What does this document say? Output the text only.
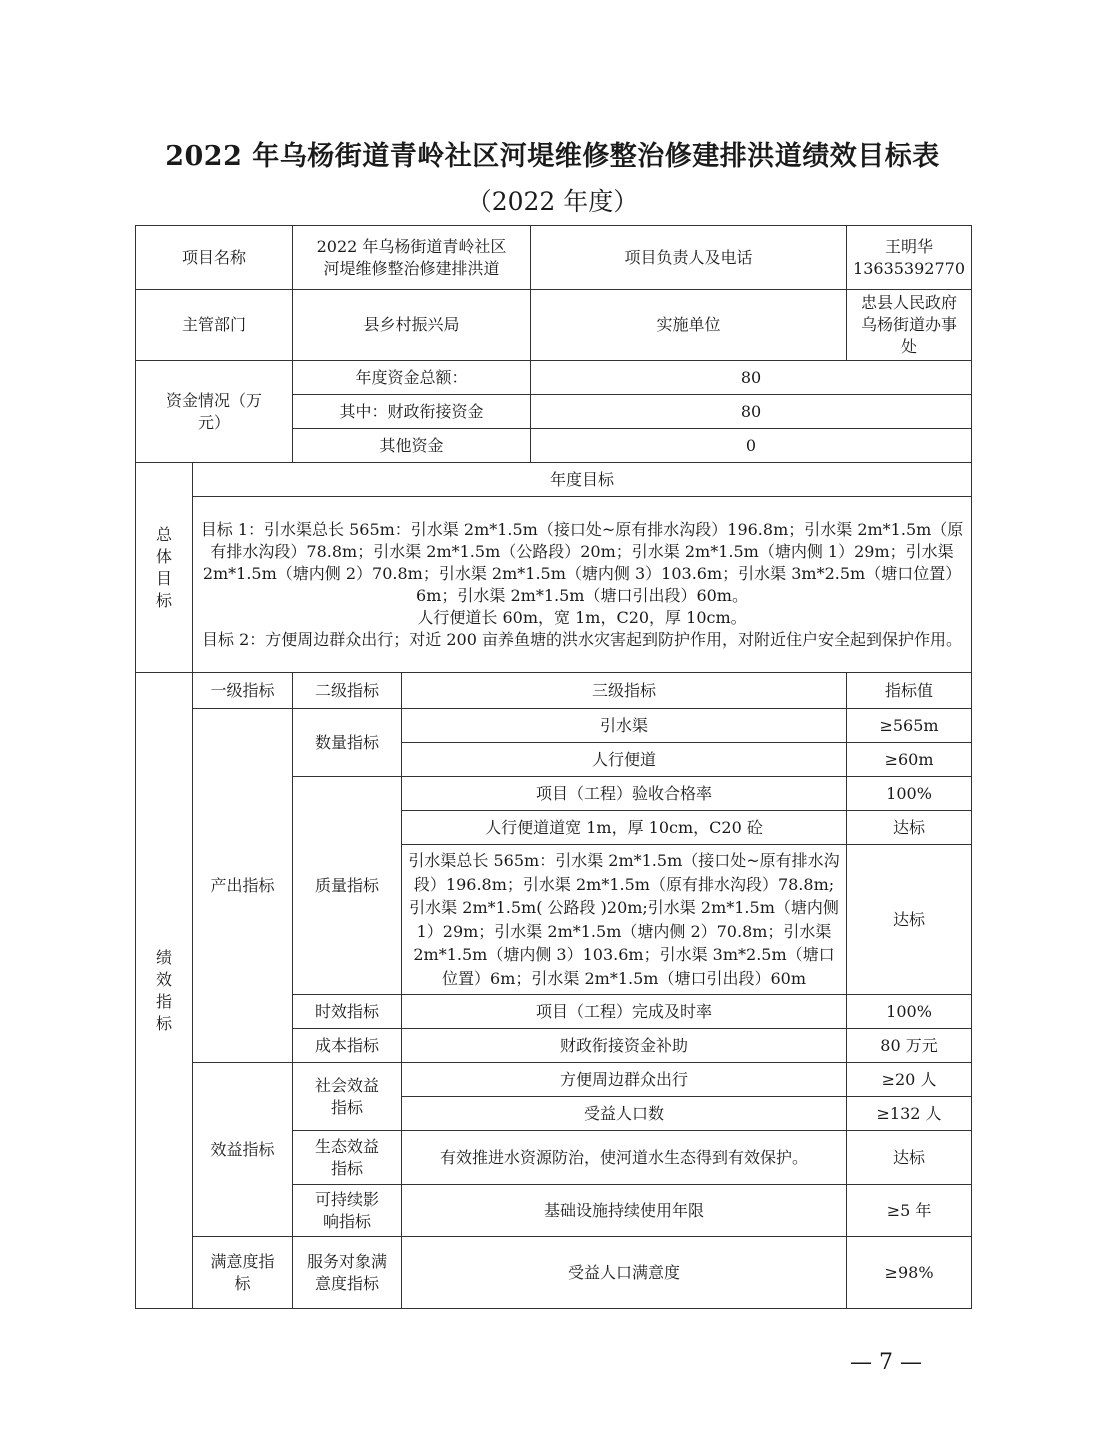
2022 年乌杨街道青岭社区河堤维修整治修建排洪道绩效目标表
（2022 年度）
项目名称		2022 年乌杨街道青岭社区河堤维修整治修建排洪道		项目负责人及电话	王明华 13635392770
主管部门		县乡村振兴局		实施单位	忠县人民政府乌杨街道办事处
资金情况（万元）		年度资金总额：		80	
		其中：财政衔接资金		80	
		其他资金		0	
总体目标	年度目标				

	目标 1：引水渠总长 565m：引水渠 2m*1.5m（接口处~原有排水沟段）196.8m；引水渠 2m*1.5m（原有排水沟段）78.8m；引水渠 2m*1.5m（公路段）20m；引水渠 2m*1.5m（塘内侧 1）29m；引水渠 2m*1.5m（塘内侧 2）70.8m；引水渠 2m*1.5m（塘内侧 3）103.6m；引水渠 3m*2.5m（塘口位置）6m；引水渠 2m*1.5m（塘口引出段）60m。
人行便道长 60m，宽 1m，C20，厚 10cm。
目标 2：方便周边群众出行；对近 200 亩养鱼塘的洪水灾害起到防护作用，对附近住户安全起到保护作用。				

绩效指标	一级指标	二级指标	三级指标		指标值
	产出指标	数量指标	引水渠		≥565m
			人行便道		≥60m
		质量指标	项目（工程）验收合格率		100%
			人行便道道宽 1m，厚 10cm，C20 砼		达标
			引水渠总长 565m：引水渠 2m*1.5m（接口处~原有排水沟段）196.8m；引水渠 2m*1.5m（原有排水沟段）78.8m;引水渠 2m*1.5m( 公路段 )20m;引水渠 2m*1.5m（塘内侧 1）29m；引水渠 2m*1.5m（塘内侧 2）70.8m；引水渠 2m*1.5m（塘内侧 3）103.6m；引水渠 3m*2.5m（塘口位置）6m；引水渠 2m*1.5m（塘口引出段）60m		达标
		时效指标	项目（工程）完成及时率		100%
		成本指标	财政衔接资金补助		80 万元
	效益指标	社会效益指标	方便周边群众出行		≥20 人
			受益人口数		≥132 人
		生态效益指标	有效推进水资源防治，使河道水生态得到有效保护。		达标
		可持续影响指标	基础设施持续使用年限		≥5 年
	满意度指标	服务对象满意度指标	受益人口满意度		≥98%
— 7 —
